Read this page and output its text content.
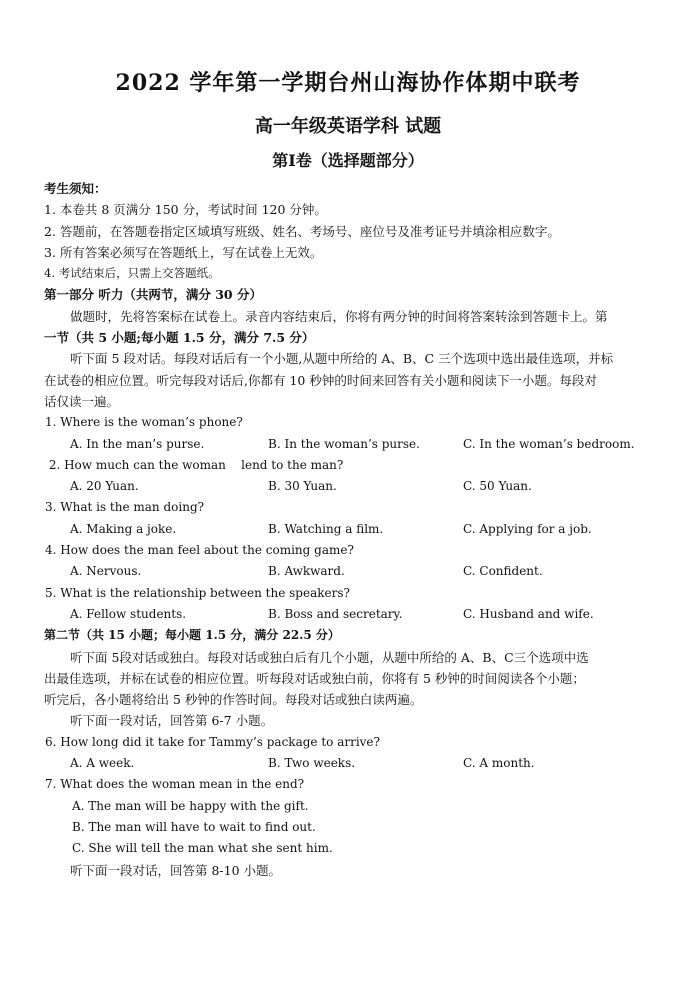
2022 学年第一学期台州山海协作体期中联考
高一年级英语学科 试题
第Ⅰ卷（选择题部分）
考生须知：
1. 本卷共 8 页满分 150 分，考试时间 120 分钟。
2. 答题前，在答题卷指定区域填写班级、姓名、考场号、座位号及准考证号并填涂相应数字。
3. 所有答案必须写在答题纸上，写在试卷上无效。
4. 考试结束后，只需上交答题纸。
第一部分 听力（共两节，满分 30 分）
做题时，先将答案标在试卷上。录音内容结束后，你将有两分钟的时间将答案转涂到答题卡上。第
一节（共 5 小题;每小题 1.5 分，满分 7.5 分）
听下面 5 段对话。每段对话后有一个小题,从题中所给的 A、B、C 三个选项中选出最佳选项，并标
在试卷的相应位置。听完每段对话后,你都有 10 秒钟的时间来回答有关小题和阅读下一小题。每段对
话仅读一遍。
1. Where is the woman’s phone?
A. In the man’s purse.	B. In the woman’s purse.	C. In the woman’s bedroom.
2. How much can the woman    lend to the man?
A. 20 Yuan.	B. 30 Yuan.	C. 50 Yuan.
3. What is the man doing?
A. Making a joke.	B. Watching a film.	C. Applying for a job.
4. How does the man feel about the coming game?
A. Nervous.	B. Awkward.	C. Confident.
5. What is the relationship between the speakers?
A. Fellow students.	B. Boss and secretary.	C. Husband and wife.
第二节（共 15 小题；每小题 1.5 分，满分 22.5 分）
听下面 5段对话或独白。每段对话或独白后有几个小题，从题中所给的 A、B、C三个选项中选
出最佳选项，并标在试卷的相应位置。听每段对话或独白前，你将有 5 秒钟的时间阅读各个小题；
听完后，各小题将给出 5 秒钟的作答时间。每段对话或独白读两遍。
听下面一段对话，回答第 6-7 小题。
6. How long did it take for Tammy’s package to arrive?
A. A week.	B. Two weeks.	C. A month.
7. What does the woman mean in the end?
A. The man will be happy with the gift.
B. The man will have to wait to find out.
C. She will tell the man what she sent him.
听下面一段对话，回答第 8-10 小题。
